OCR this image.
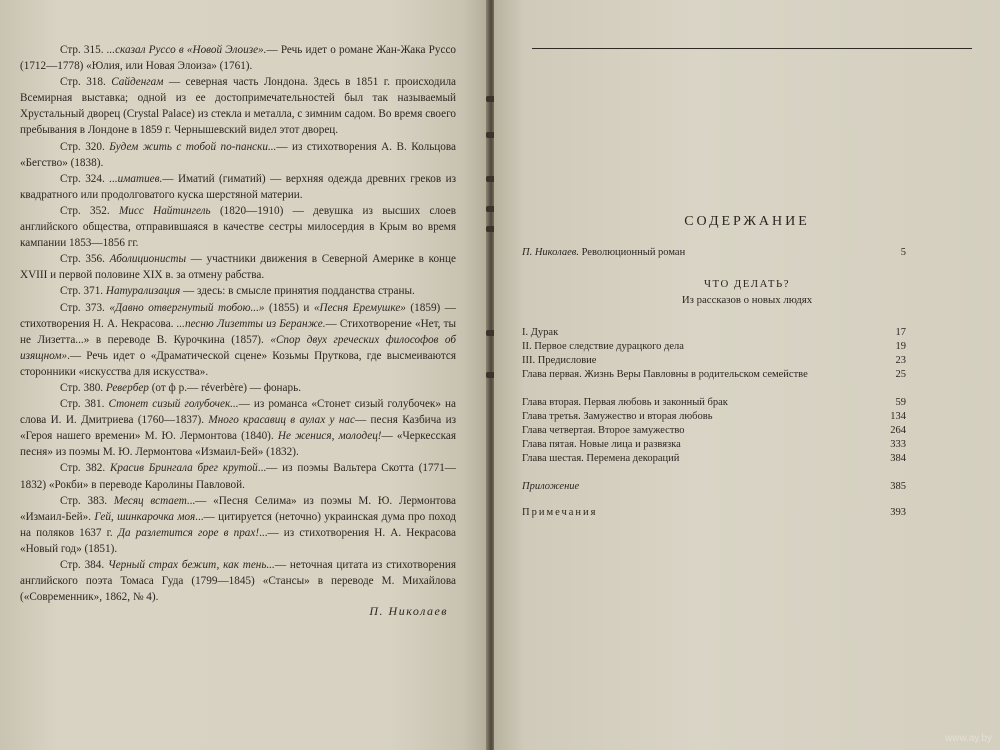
Стр. 315. ...сказал Руссо в «Новой Элоизе».— Речь идет о романе Жан-Жака Руссо (1712—1778) «Юлия, или Новая Элоиза» (1761).

Стр. 318. Сайденгам — северная часть Лондона. Здесь в 1851 г. происходила Всемирная выставка; одной из ее достопримечательностей был так называемый Хрустальный дворец (Crystal Palace) из стекла и металла, с зимним садом. Во время своего пребывания в Лондоне в 1859 г. Чернышевский видел этот дворец.

Стр. 320. Будем жить с тобой по-пански...— из стихотворения А. В. Кольцова «Бегство» (1838).

Стр. 324. ...иматиев.— Иматий (гиматий) — верхняя одежда древних греков из квадратного или продолговатого куска шерстяной материи.

Стр. 352. Мисс Найтингель (1820—1910) — девушка из высших слоев английского общества, отправившаяся в качестве сестры милосердия в Крым во время кампании 1853—1856 гг.

Стр. 356. Аболиционисты — участники движения в Северной Америке в конце XVIII и первой половине XIX в. за отмену рабства.

Стр. 371. Натурализация — здесь: в смысле принятия подданства страны.

Стр. 373. «Давно отвергнутый тобою...» (1855) и «Песня Еремушке» (1859) — стихотворения Н. А. Некрасова. ...песню Лизетты из Беранже.— Стихотворение «Нет, ты не Лизетта...» в переводе В. Курочкина (1857). «Спор двух греческих философов об изящном».— Речь идет о «Драматической сцене» Козьмы Пруткова, где высмеиваются сторонники «искусства для искусства».

Стр. 380. Ревербер (от ф р.— réverbère) — фонарь.

Стр. 381. Стонет сизый голубочек...— из романса «Стонет сизый голубочек» на слова И. И. Дмитриева (1760—1837). Много красавиц в аулах у нас— песня Казбича из «Героя нашего времени» М. Ю. Лермонтова (1840). Не женися, молодец!— «Черкесская песня» из поэмы М. Ю. Лермонтова «Измаил-Бей» (1832).

Стр. 382. Красив Брингала брег крутой...— из поэмы Вальтера Скотта (1771—1832) «Рокби» в переводе Каролины Павловой.

Стр. 383. Месяц встает...— «Песня Селима» из поэмы М. Ю. Лермонтова «Измаил-Бей». Гей, шинкарочка моя...— цитируется (неточно) украинская дума про поход на поляков 1637 г. Да разлетится горе в прах!...— из стихотворения Н. А. Некрасова «Новый год» (1851).

Стр. 384. Черный страх бежит, как тень...— неточная цитата из стихотворения английского поэта Томаса Гуда (1799—1845) «Стансы» в переводе М. Михайлова («Современник», 1862, № 4).

П. Николаев
СОДЕРЖАНИЕ
П. Николаев. Революционный роман	5
ЧТО ДЕЛАТЬ?
Из рассказов о новых людях
I. Дурак	17
II. Первое следствие дурацкого дела	19
III. Предисловие	23
Глава первая. Жизнь Веры Павловны в родительском семействе	25
Глава вторая. Первая любовь и законный брак	59
Глава третья. Замужество и вторая любовь	134
Глава четвертая. Второе замужество	264
Глава пятая. Новые лица и развязка	333
Глава шестая. Перемена декораций	384
Приложение	385
Примечания	393
www.ay.by
